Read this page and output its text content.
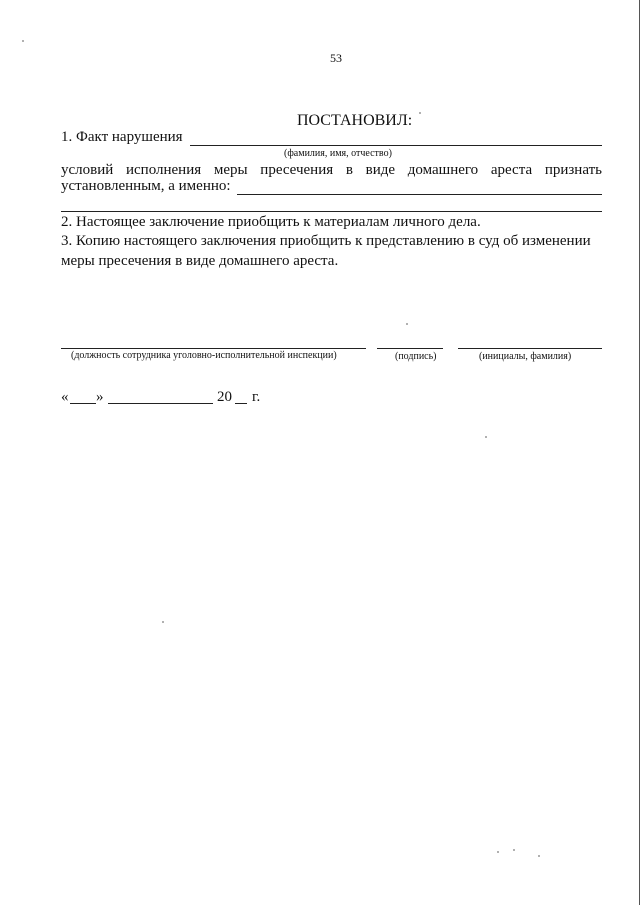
53
ПОСТАНОВИЛ:
1. Факт нарушения
(фамилия, имя, отчество)
условий исполнения меры пресечения в виде домашнего ареста признать
установленным, а именно:
2. Настоящее заключение приобщить к материалам личного дела.
3. Копию настоящего заключения приобщить к представлению в суд об изменении
меры пресечения в виде домашнего ареста.
(должность сотрудника уголовно-исполнительной инспекции)	(подпись)	(инициалы, фамилия)
« »	20 г.
